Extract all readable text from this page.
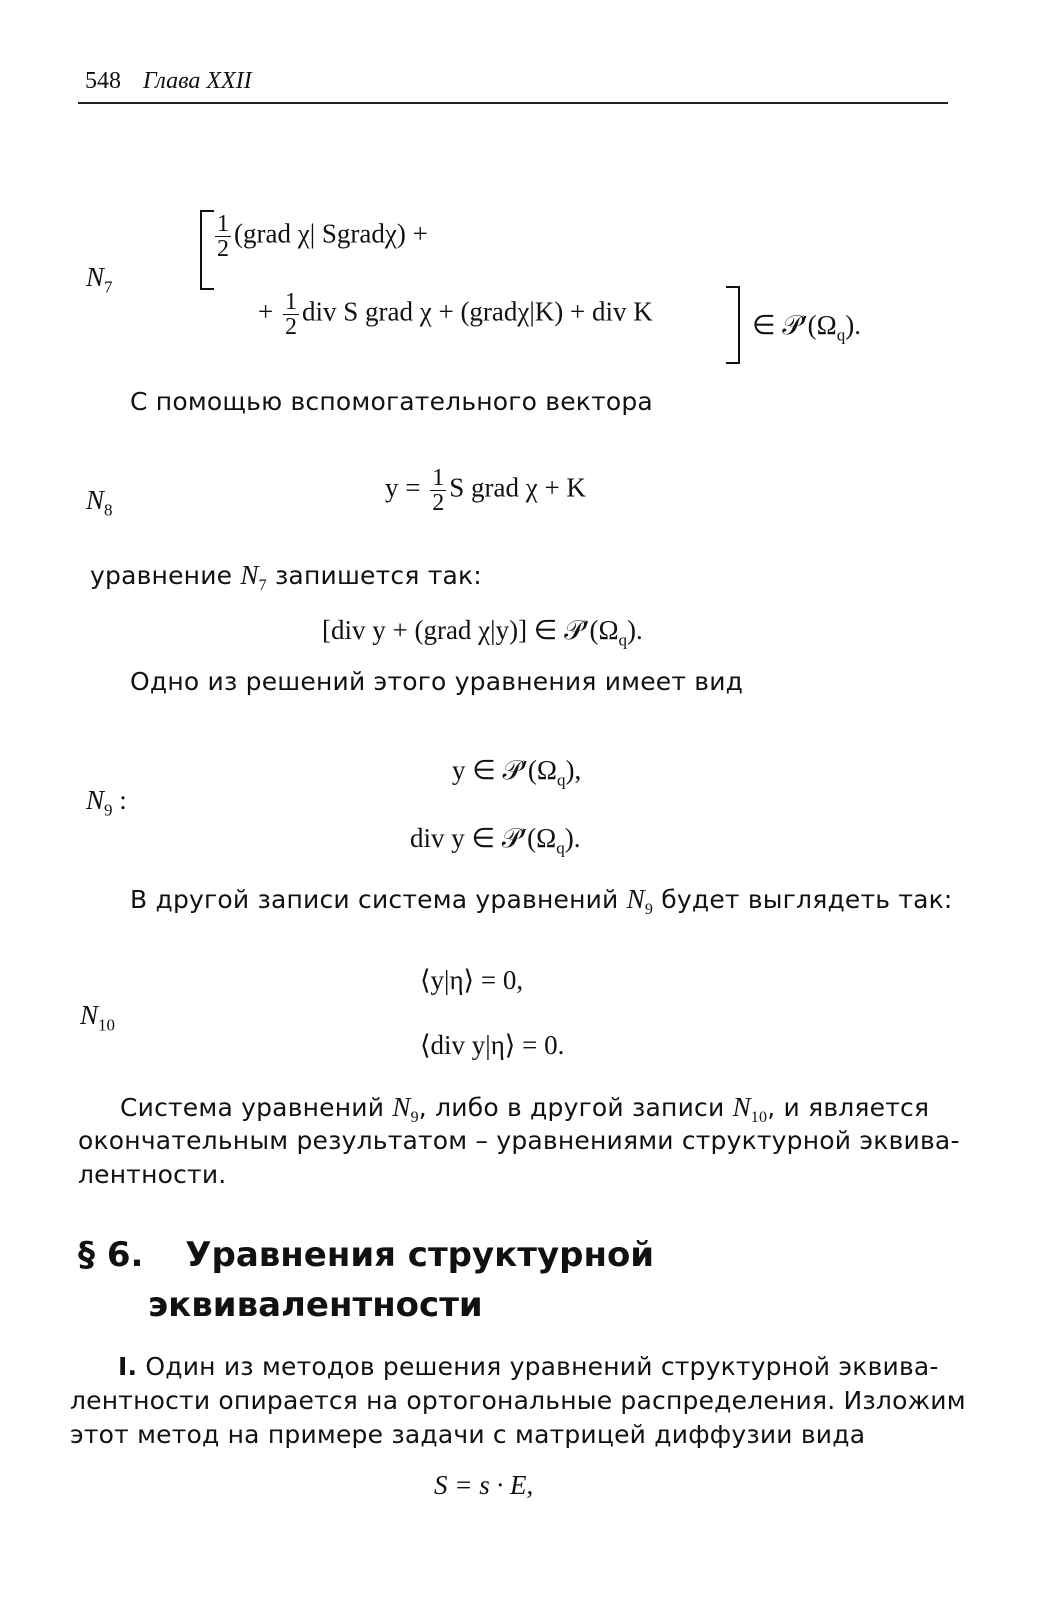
548 Глава XXII
$N_7$
$\frac{1}{2}$ (grad χ| Sgradχ) +
+ $\frac{1}{2}$ div S grad χ + (gradχ|K) + div K	∈ $𝒫'(\Omega_q)$.
С помощью вспомогательного вектора
$N_8$
$y = \frac{1}{2}$ S grad χ + K
уравнение $N_7$ запишется так:
[div y + (grad χ|y)] ∈ $𝒫'(\Omega_q)$.
Одно из решений этого уравнения имеет вид
$N_9$ :
y ∈ $𝒫'(\Omega_q)$,
div y ∈ $𝒫'(\Omega_q)$.
В другой записи система уравнений $N_9$ будет выглядеть так:
$N_{10}$
⟨y|η⟩ = 0,
⟨div y|η⟩ = 0.
Система уравнений $N_9$, либо в другой записи $N_{10}$, и является
окончательным результатом – уравнениями структурной эквива-
лентности.
§ 6. Уравнения структурной
эквивалентности
I. Один из методов решения уравнений структурной эквива-
лентности опирается на ортогональные распределения. Изложим
этот метод на примере задачи с матрицей диффузии вида
S = s · E,
